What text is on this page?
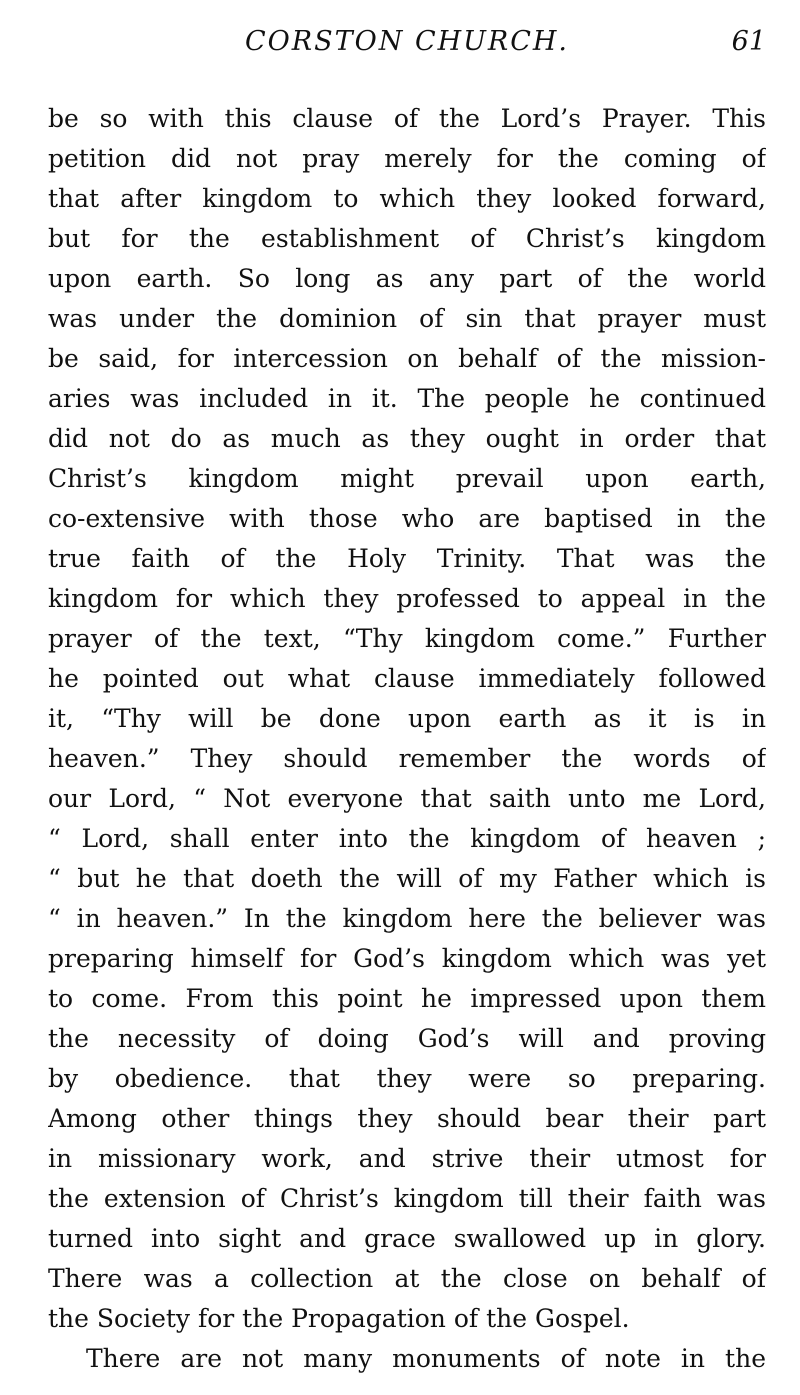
CORSTON CHURCH.	61
be so with this clause of the Lord’s Prayer. This
petition did not pray merely for the coming of
that after kingdom to which they looked forward,
but for the establishment of Christ’s kingdom
upon earth. So long as any part of the world
was under the dominion of sin that prayer must
be said, for intercession on behalf of the mission-
aries was included in it. The people he continued
did not do as much as they ought in order that
Christ’s kingdom might prevail upon earth,
co-extensive with those who are baptised in the
true faith of the Holy Trinity. That was the
kingdom for which they professed to appeal in the
prayer of the text, “Thy kingdom come.” Further
he pointed out what clause immediately followed
it, “Thy will be done upon earth as it is in
heaven.” They should remember the words of
our Lord, “ Not everyone that saith unto me Lord,
“ Lord, shall enter into the kingdom of heaven ;
“ but he that doeth the will of my Father which is
“ in heaven.” In the kingdom here the believer was
preparing himself for God’s kingdom which was yet
to come. From this point he impressed upon them
the necessity of doing God’s will and proving
by obedience. that they were so preparing.
Among other things they should bear their part
in missionary work, and strive their utmost for
the extension of Christ’s kingdom till their faith was
turned into sight and grace swallowed up in glory.
There was a collection at the close on behalf of
the Society for the Propagation of the Gospel.
There are not many monuments of note in the
